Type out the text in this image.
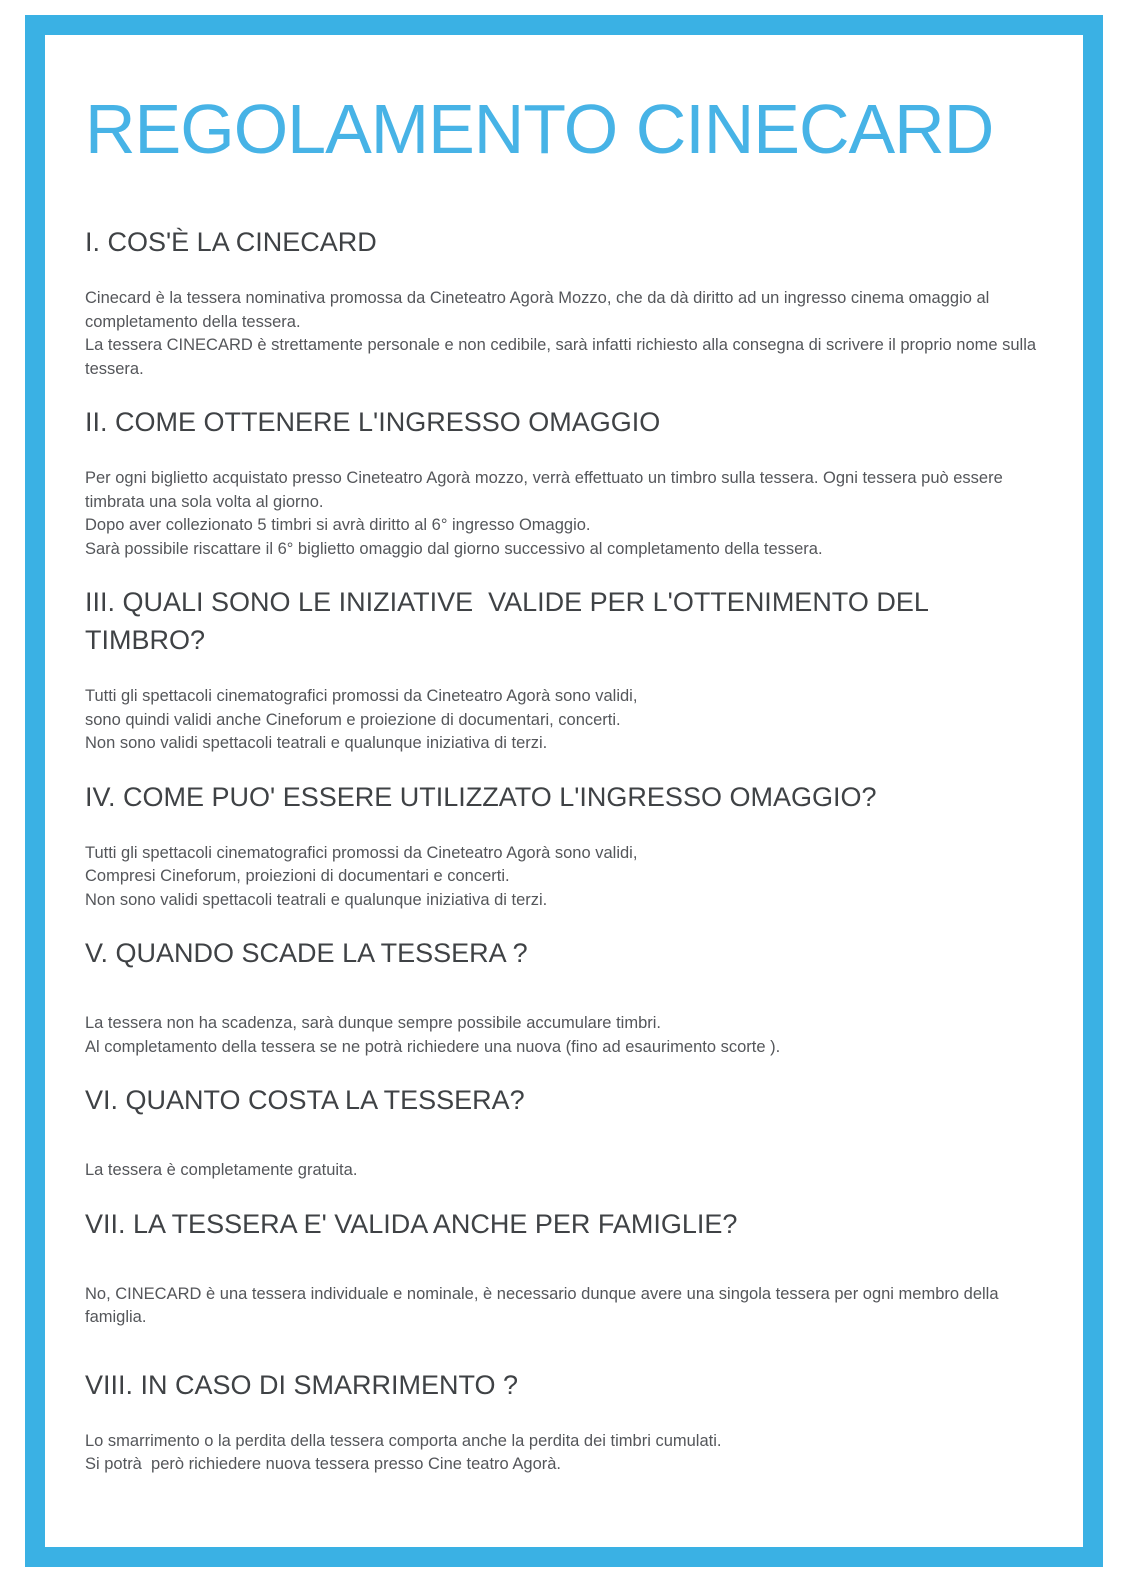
REGOLAMENTO CINECARD
I. COS'È LA CINECARD

Cinecard è la tessera nominativa promossa da Cineteatro Agorà Mozzo, che da dà diritto ad un ingresso cinema omaggio al completamento della tessera.
La tessera CINECARD è strettamente personale e non cedibile, sarà infatti richiesto alla consegna di scrivere il proprio nome sulla tessera.

II. COME OTTENERE L'INGRESSO OMAGGIO

Per ogni biglietto acquistato presso Cineteatro Agorà mozzo, verrà effettuato un timbro sulla tessera. Ogni tessera può essere timbrata una sola volta al giorno.
Dopo aver collezionato 5 timbri si avrà diritto al 6° ingresso Omaggio.
Sarà possibile riscattare il 6° biglietto omaggio dal giorno successivo al completamento della tessera.

III. QUALI SONO LE INIZIATIVE  VALIDE PER L'OTTENIMENTO DEL TIMBRO?

Tutti gli spettacoli cinematografici promossi da Cineteatro Agorà sono validi,
sono quindi validi anche Cineforum e proiezione di documentari, concerti.
Non sono validi spettacoli teatrali e qualunque iniziativa di terzi.

IV. COME PUO' ESSERE UTILIZZATO L'INGRESSO OMAGGIO?

Tutti gli spettacoli cinematografici promossi da Cineteatro Agorà sono validi,
Compresi Cineforum, proiezioni di documentari e concerti.
Non sono validi spettacoli teatrali e qualunque iniziativa di terzi.

V. QUANDO SCADE LA TESSERA ?

La tessera non ha scadenza, sarà dunque sempre possibile accumulare timbri.
Al completamento della tessera se ne potrà richiedere una nuova (fino ad esaurimento scorte ).

VI. QUANTO COSTA LA TESSERA?

La tessera è completamente gratuita.

VII. LA TESSERA E' VALIDA ANCHE PER FAMIGLIE?

No, CINECARD è una tessera individuale e nominale, è necessario dunque avere una singola tessera per ogni membro della famiglia.

VIII. IN CASO DI SMARRIMENTO ?

Lo smarrimento o la perdita della tessera comporta anche la perdita dei timbri cumulati.
Si potrà  però richiedere nuova tessera presso Cine teatro Agorà.
